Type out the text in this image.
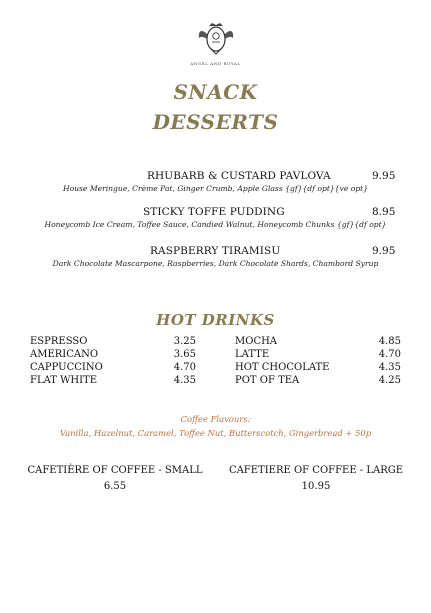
ANGEL AND ROYAL
SNACK
DESSERTS
RHUBARB & CUSTARD PAVLOVA	9.95
House Meringue, Crème Pat, Ginger Crumb, Apple Glass {gf}{df opt}{ve opt}
STICKY TOFFE PUDDING	8.95
Honeycomb Ice Cream, Toffee Sauce, Candied Walnut, Honeycomb Chunks {gf}{df opt}
RASPBERRY TIRAMISU	9.95
Dark Chocolate Mascarpone, Raspberries, Dark Chocolate Shards, Chambord Syrup
HOT DRINKS
ESPRESSO	3.25
AMERICANO	3.65
CAPPUCCINO	4.70
FLAT WHITE	4.35
MOCHA	4.85
LATTE	4.70
HOT CHOCOLATE	4.35
POT OF TEA	4.25
Coffee Flavours:
Vanilla, Hazelnut, Caramel, Toffee Nut, Butterscotch, Gingerbread + 50p
CAFETIÈRE OF COFFEE - SMALL
6.55
CAFETIERE OF COFFEE - LARGE
10.95
